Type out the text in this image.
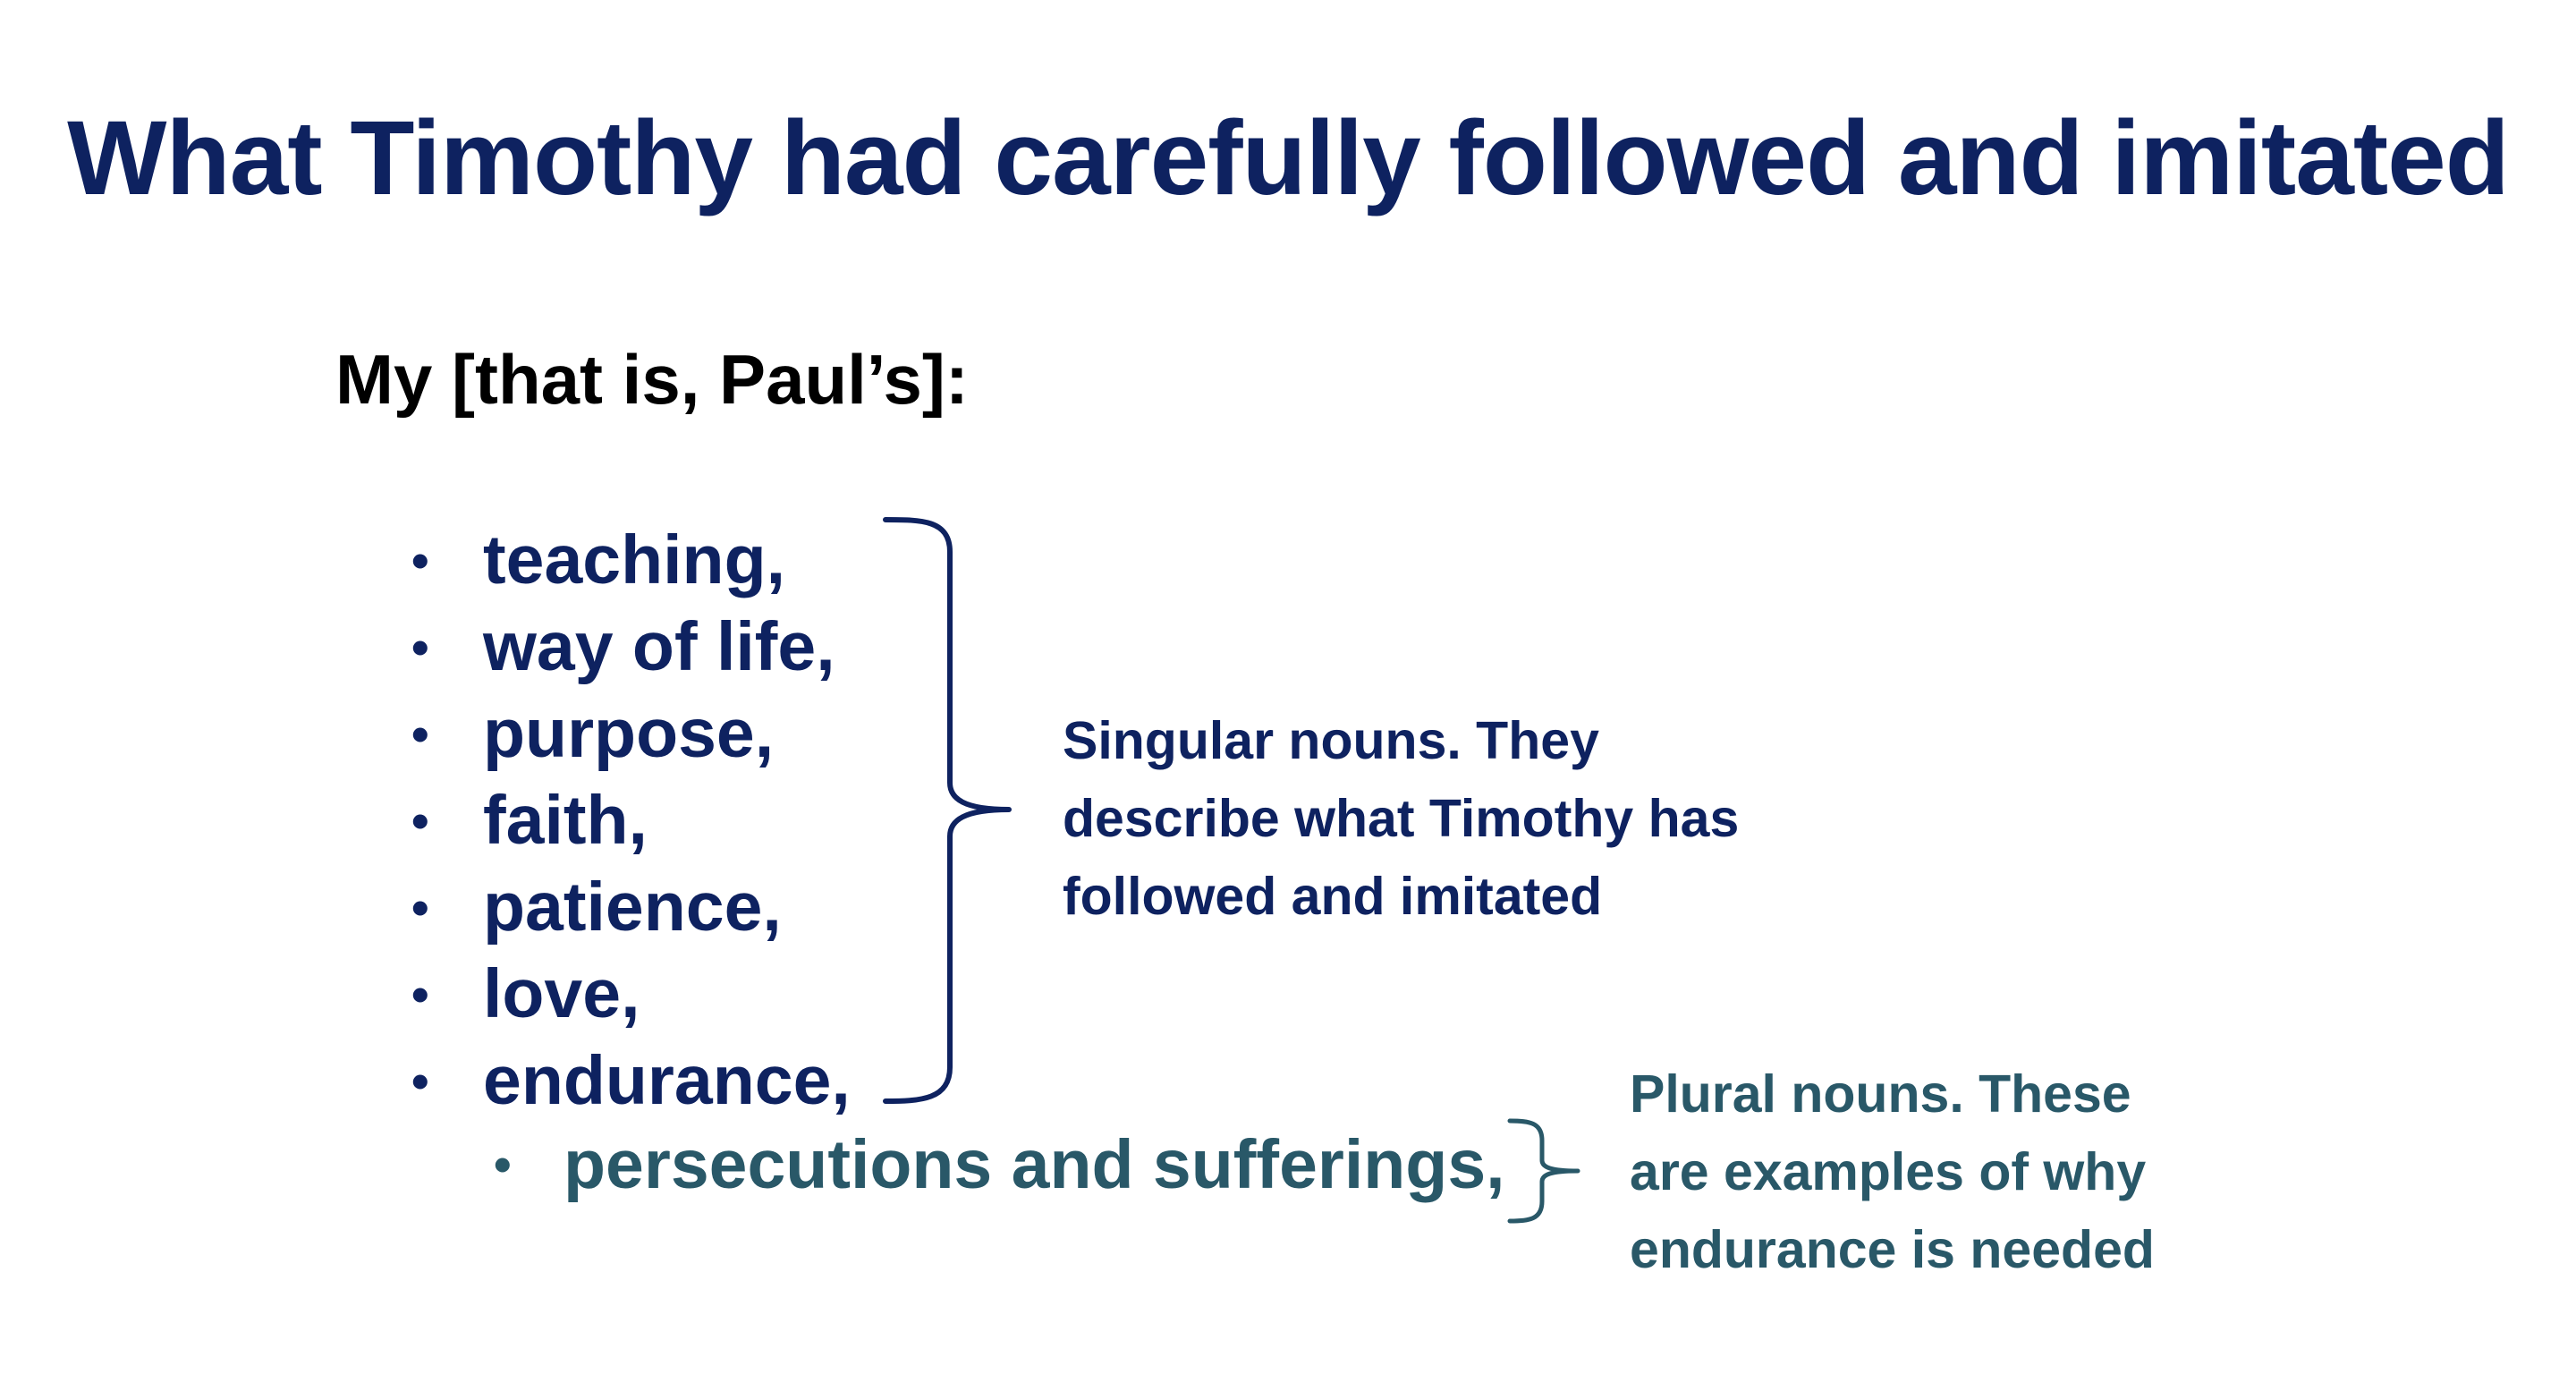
What Timothy had carefully followed and imitated
My [that is, Paul’s]:
• teaching,
• way of life,
• purpose,
• faith,
• patience,
• love,
• endurance,
• persecutions and sufferings,
Singular nouns. They
describe what Timothy has
followed and imitated
Plural nouns. These
are examples of why
endurance is needed
